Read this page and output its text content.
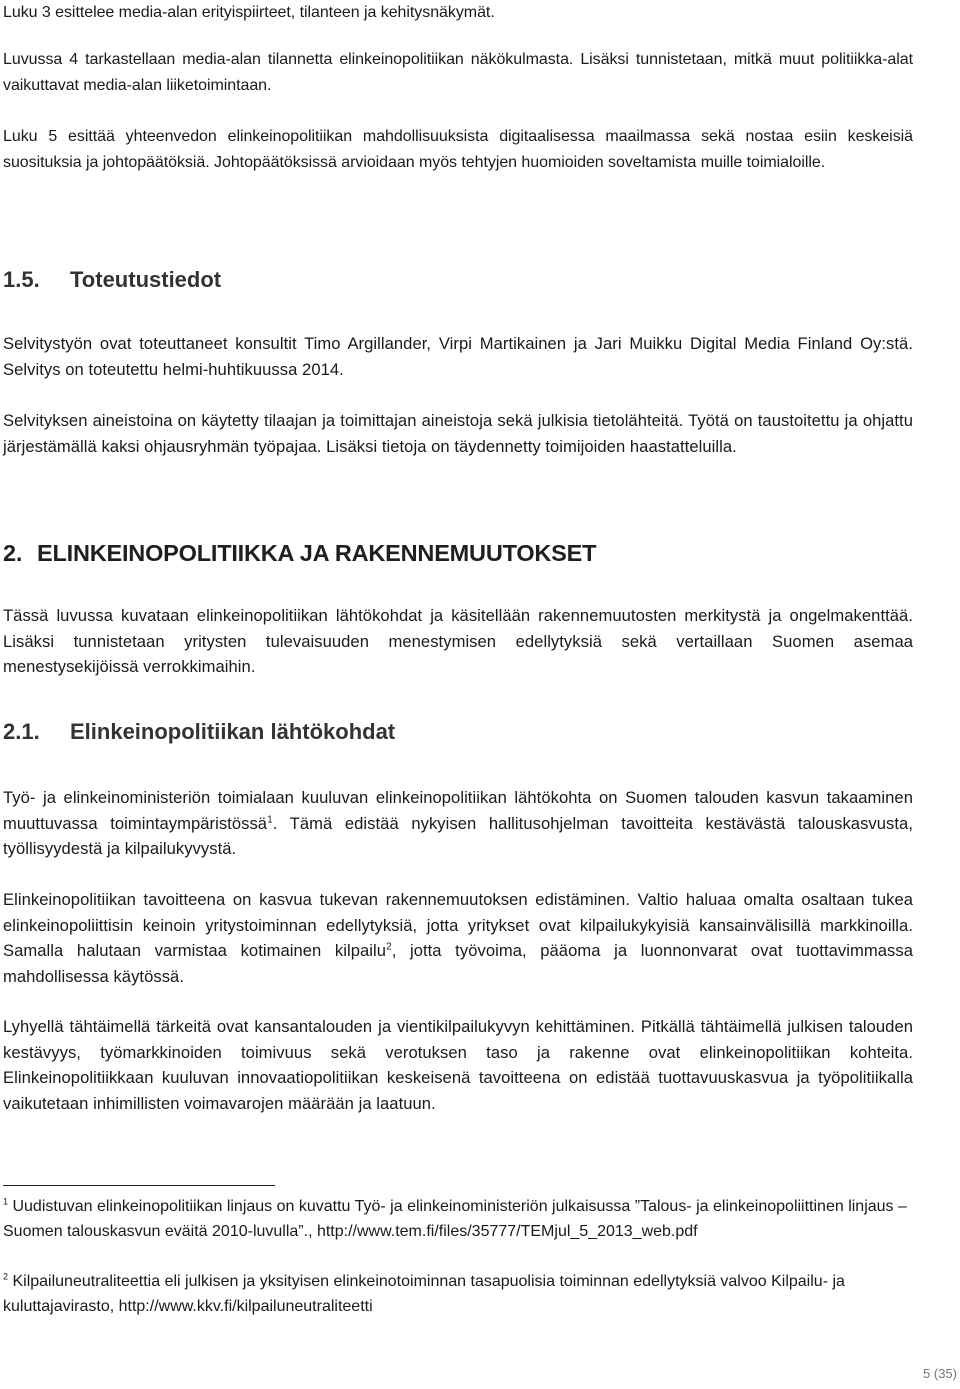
Luku 3 esittelee media-alan erityispiirteet, tilanteen ja kehitysnäkymät.

Luvussa 4 tarkastellaan media-alan tilannetta elinkeinopolitiikan näkökulmasta. Lisäksi tunnistetaan, mitkä muut politiikka-alat vaikuttavat media-alan liiketoimintaan.

Luku 5 esittää yhteenvedon elinkeinopolitiikan mahdollisuuksista digitaalisessa maailmassa sekä nostaa esiin keskeisiä suosituksia ja johtopäätöksiä. Johtopäätöksissä arvioidaan myös tehtyjen huomioiden soveltamista muille toimialoille.

1.5. Toteutustiedot

Selvitystyön ovat toteuttaneet konsultit Timo Argillander, Virpi Martikainen ja Jari Muikku Digital Media Finland Oy:stä. Selvitys on toteutettu helmi-huhtikuussa 2014.

Selvityksen aineistoina on käytetty tilaajan ja toimittajan aineistoja sekä julkisia tietolähteitä. Työtä on taustoitettu ja ohjattu järjestämällä kaksi ohjausryhmän työpajaa. Lisäksi tietoja on täydennetty toimijoiden haastatteluilla.

2. ELINKEINOPOLITIIKKA JA RAKENNEMUUTOKSET

Tässä luvussa kuvataan elinkeinopolitiikan lähtökohdat ja käsitellään rakennemuutosten merkitystä ja ongelmakenttää. Lisäksi tunnistetaan yritysten tulevaisuuden menestymisen edellytyksiä sekä vertaillaan Suomen asemaa menestysekijöissä verrokkimaihin.

2.1. Elinkeinopolitiikan lähtökohdat

Työ- ja elinkeinoministeriön toimialaan kuuluvan elinkeinopolitiikan lähtökohta on Suomen talouden kasvun takaaminen muuttuvassa toimintaympäristössä$^1$. Tämä edistää nykyisen hallitusohjelman tavoitteita kestävästä talouskasvusta, työllisyydestä ja kilpailukyvystä.

Elinkeinopolitiikan tavoitteena on kasvua tukevan rakennemuutoksen edistäminen. Valtio haluaa omalta osaltaan tukea elinkeinopoliittisin keinoin yritystoiminnan edellytyksiä, jotta yritykset ovat kilpailukykyisiä kansainvälisillä markkinoilla. Samalla halutaan varmistaa kotimainen kilpailu$^2$, jotta työvoima, pääoma ja luonnonvarat ovat tuottavimmassa mahdollisessa käytössä.

Lyhyellä tähtäimellä tärkeitä ovat kansantalouden ja vientikilpailukyvyn kehittäminen. Pitkällä tähtäimellä julkisen talouden kestävyys, työmarkkinoiden toimivuus sekä verotuksen taso ja rakenne ovat elinkeinopolitiikan kohteita. Elinkeinopolitiikkaan kuuluvan innovaatiopolitiikan keskeisenä tavoitteena on edistää tuottavuuskasvua ja työpolitiikalla vaikutetaan inhimillisten voimavarojen määrään ja laatuun.

$^1$ Uudistuvan elinkeinopolitiikan linjaus on kuvattu Työ- ja elinkeinoministeriön julkaisussa ”Talous- ja elinkeinopoliittinen linjaus – Suomen talouskasvun eväitä 2010-luvulla”., http://www.tem.fi/files/35777/TEMjul_5_2013_web.pdf

$^2$ Kilpailuneutraliteettia eli julkisen ja yksityisen elinkeinotoiminnan tasapuolisia toiminnan edellytyksiä valvoo Kilpailu- ja kuluttajavirasto, http://www.kkv.fi/kilpailuneutraliteetti

5 (35)
